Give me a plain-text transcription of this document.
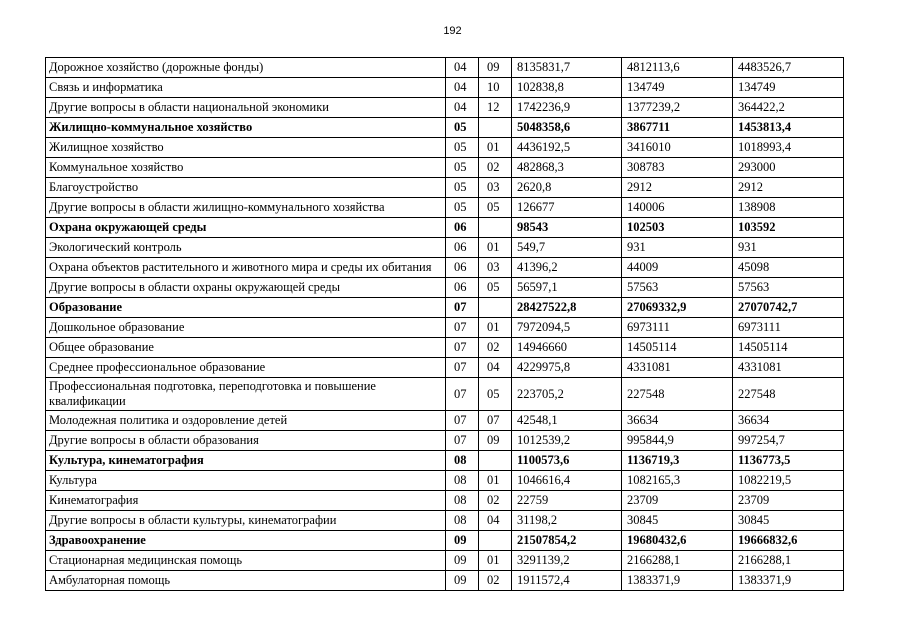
192
Дорожное хозяйство (дорожные фонды)	04	09	8135831,7	4812113,6	4483526,7
Связь и информатика	04	10	102838,8	134749	134749
Другие вопросы в области национальной экономики	04	12	1742236,9	1377239,2	364422,2
Жилищно-коммунальное хозяйство	05		5048358,6	3867711	1453813,4
Жилищное хозяйство	05	01	4436192,5	3416010	1018993,4
Коммунальное хозяйство	05	02	482868,3	308783	293000
Благоустройство	05	03	2620,8	2912	2912
Другие вопросы в области жилищно-коммунального хозяйства	05	05	126677	140006	138908
Охрана окружающей среды	06		98543	102503	103592
Экологический контроль	06	01	549,7	931	931
Охрана объектов растительного и животного мира и среды их обитания	06	03	41396,2	44009	45098
Другие вопросы в области охраны окружающей среды	06	05	56597,1	57563	57563
Образование	07		28427522,8	27069332,9	27070742,7
Дошкольное образование	07	01	7972094,5	6973111	6973111
Общее образование	07	02	14946660	14505114	14505114
Среднее профессиональное образование	07	04	4229975,8	4331081	4331081
Профессиональная подготовка, переподготовка и повышение квалификации	07	05	223705,2	227548	227548
Молодежная политика и оздоровление детей	07	07	42548,1	36634	36634
Другие вопросы в области образования	07	09	1012539,2	995844,9	997254,7
Культура, кинематография	08		1100573,6	1136719,3	1136773,5
Культура	08	01	1046616,4	1082165,3	1082219,5
Кинематография	08	02	22759	23709	23709
Другие вопросы в области культуры, кинематографии	08	04	31198,2	30845	30845
Здравоохранение	09		21507854,2	19680432,6	19666832,6
Стационарная медицинская помощь	09	01	3291139,2	2166288,1	2166288,1
Амбулаторная помощь	09	02	1911572,4	1383371,9	1383371,9
